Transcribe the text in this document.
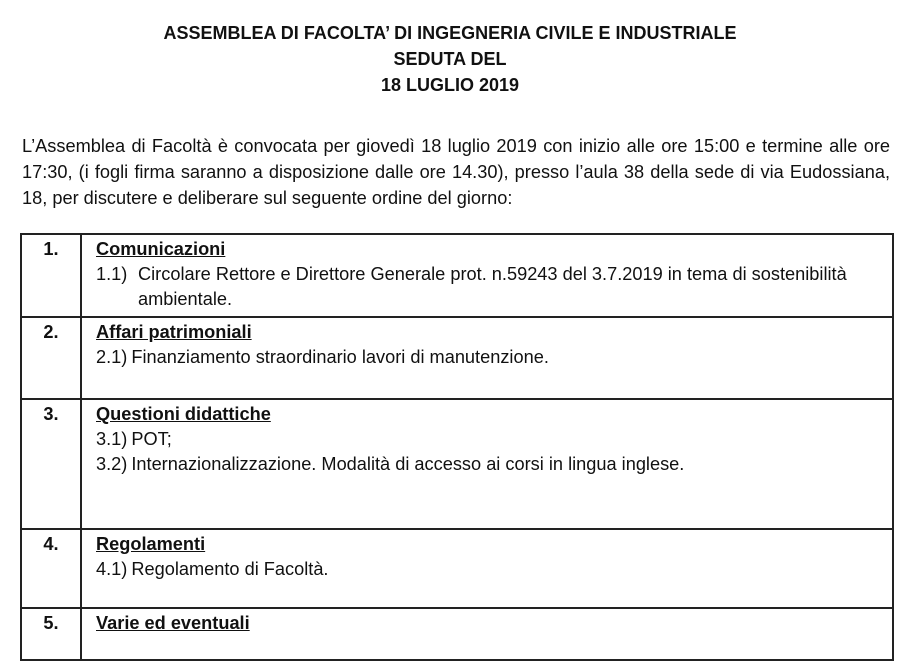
ASSEMBLEA DI FACOLTA’ DI INGEGNERIA CIVILE E INDUSTRIALE
SEDUTA DEL
18 LUGLIO 2019
L’Assemblea di Facoltà è convocata per giovedì 18 luglio 2019 con inizio alle ore 15:00 e termine alle ore 17:30, (i fogli firma saranno a disposizione dalle ore 14.30), presso l’aula 38 della sede di via Eudossiana, 18, per discutere e deliberare sul seguente ordine del giorno:
1.	Comunicazioni
1.1) Circolare Rettore e Direttore Generale prot. n.59243 del 3.7.2019 in tema di sostenibilità ambientale.

2.	Affari patrimoniali
2.1) Finanziamento straordinario lavori di manutenzione.

3.	Questioni didattiche
3.1) POT;
3.2) Internazionalizzazione. Modalità di accesso ai corsi in lingua inglese.

4.	Regolamenti
4.1) Regolamento di Facoltà.

5.	Varie ed eventuali
